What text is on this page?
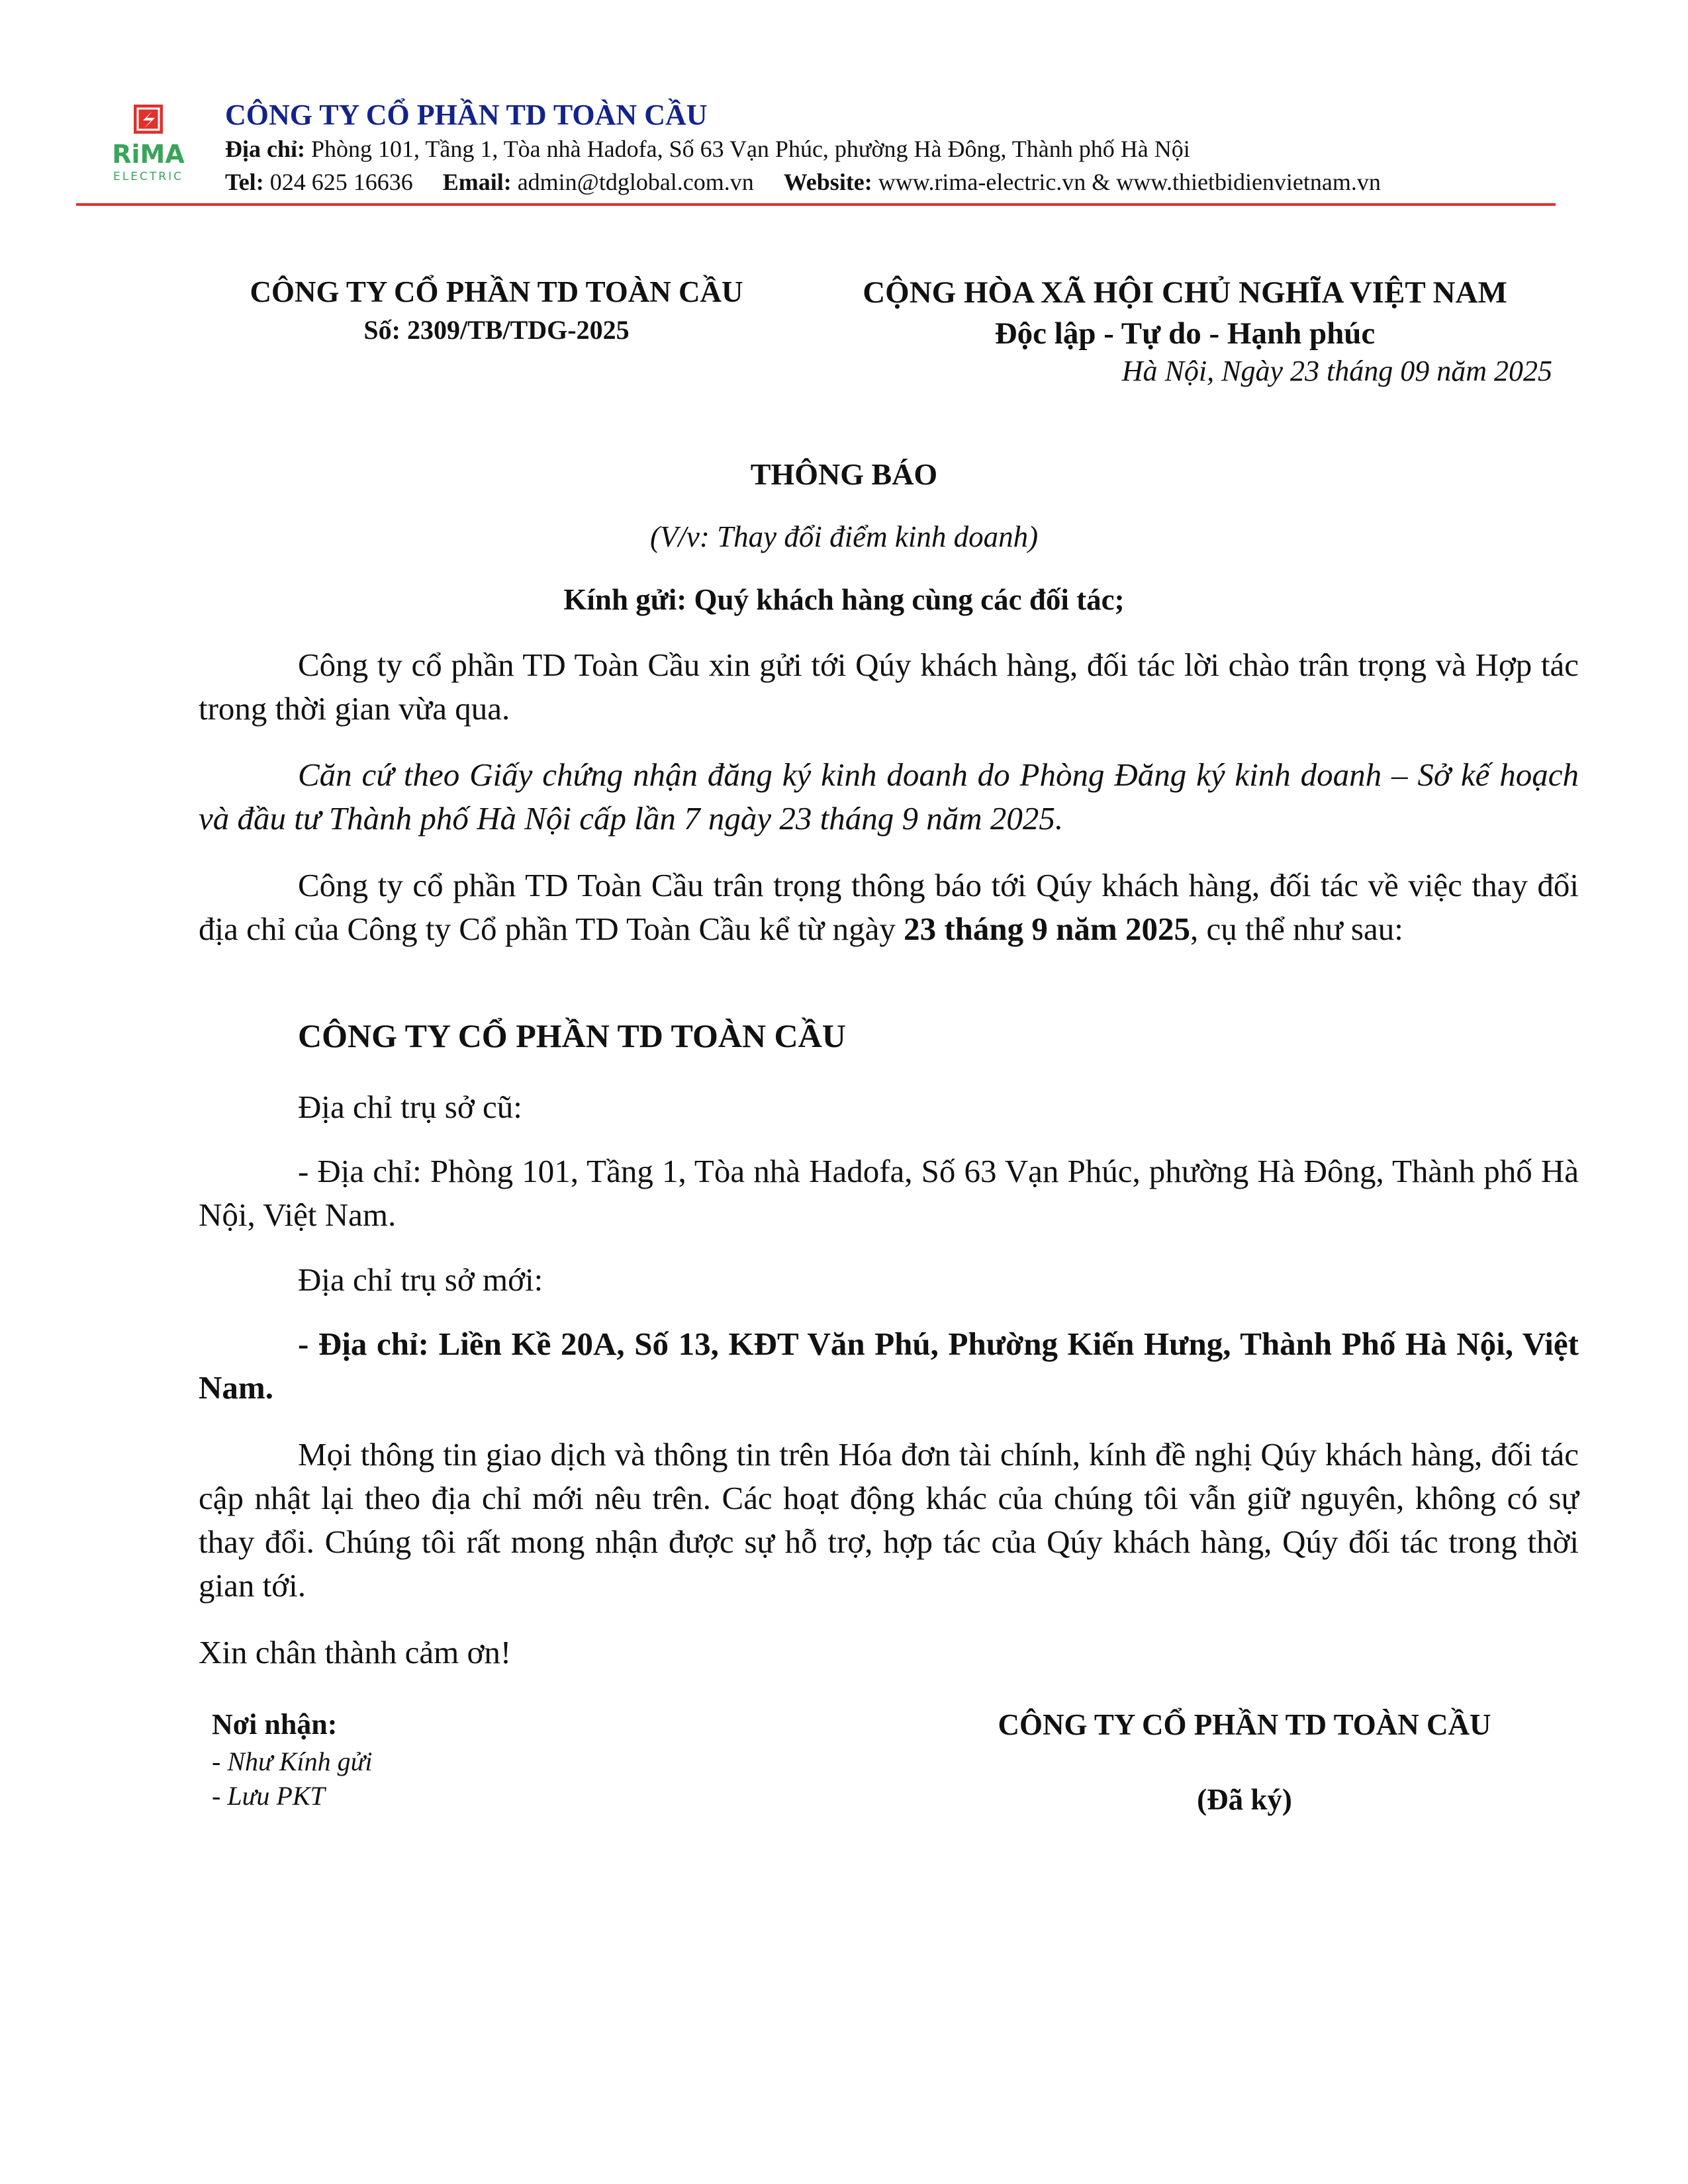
RiMA
ELECTRIC
CÔNG TY CỔ PHẦN TD TOÀN CẦU
Địa chỉ: Phòng 101, Tầng 1, Tòa nhà Hadofa, Số 63 Vạn Phúc, phường Hà Đông, Thành phố Hà Nội
Tel: 024 625 16636 Email: admin@tdglobal.com.vn Website: www.rima-electric.vn & www.thietbidienvietnam.vn
CÔNG TY CỔ PHẦN TD TOÀN CẦU
Số: 2309/TB/TDG-2025
CỘNG HÒA XÃ HỘI CHỦ NGHĨA VIỆT NAM
Độc lập - Tự do - Hạnh phúc
Hà Nội, Ngày 23 tháng 09 năm 2025
THÔNG BÁO
(V/v: Thay đổi điểm kinh doanh)
Kính gửi: Quý khách hàng cùng các đối tác;

Công ty cổ phần TD Toàn Cầu xin gửi tới Qúy khách hàng, đối tác lời chào trân trọng và Hợp tác trong thời gian vừa qua.

Căn cứ theo Giấy chứng nhận đăng ký kinh doanh do Phòng Đăng ký kinh doanh – Sở kế hoạch và đầu tư Thành phố Hà Nội cấp lần 7 ngày 23 tháng 9 năm 2025.

Công ty cổ phần TD Toàn Cầu trân trọng thông báo tới Qúy khách hàng, đối tác về việc thay đổi địa chỉ của Công ty Cổ phần TD Toàn Cầu kể từ ngày 23 tháng 9 năm 2025, cụ thể như sau:

CÔNG TY CỔ PHẦN TD TOÀN CẦU
Địa chỉ trụ sở cũ:

- Địa chỉ: Phòng 101, Tầng 1, Tòa nhà Hadofa, Số 63 Vạn Phúc, phường Hà Đông, Thành phố Hà Nội, Việt Nam.

Địa chỉ trụ sở mới:

- Địa chỉ: Liền Kề 20A, Số 13, KĐT Văn Phú, Phường Kiến Hưng, Thành Phố Hà Nội, Việt Nam.

Mọi thông tin giao dịch và thông tin trên Hóa đơn tài chính, kính đề nghị Qúy khách hàng, đối tác cập nhật lại theo địa chỉ mới nêu trên. Các hoạt động khác của chúng tôi vẫn giữ nguyên, không có sự thay đổi. Chúng tôi rất mong nhận được sự hỗ trợ, hợp tác của Qúy khách hàng, Qúy đối tác trong thời gian tới.

Xin chân thành cảm ơn!
Nơi nhận:
- Như Kính gửi
- Lưu PKT
CÔNG TY CỔ PHẦN TD TOÀN CẦU
(Đã ký)
